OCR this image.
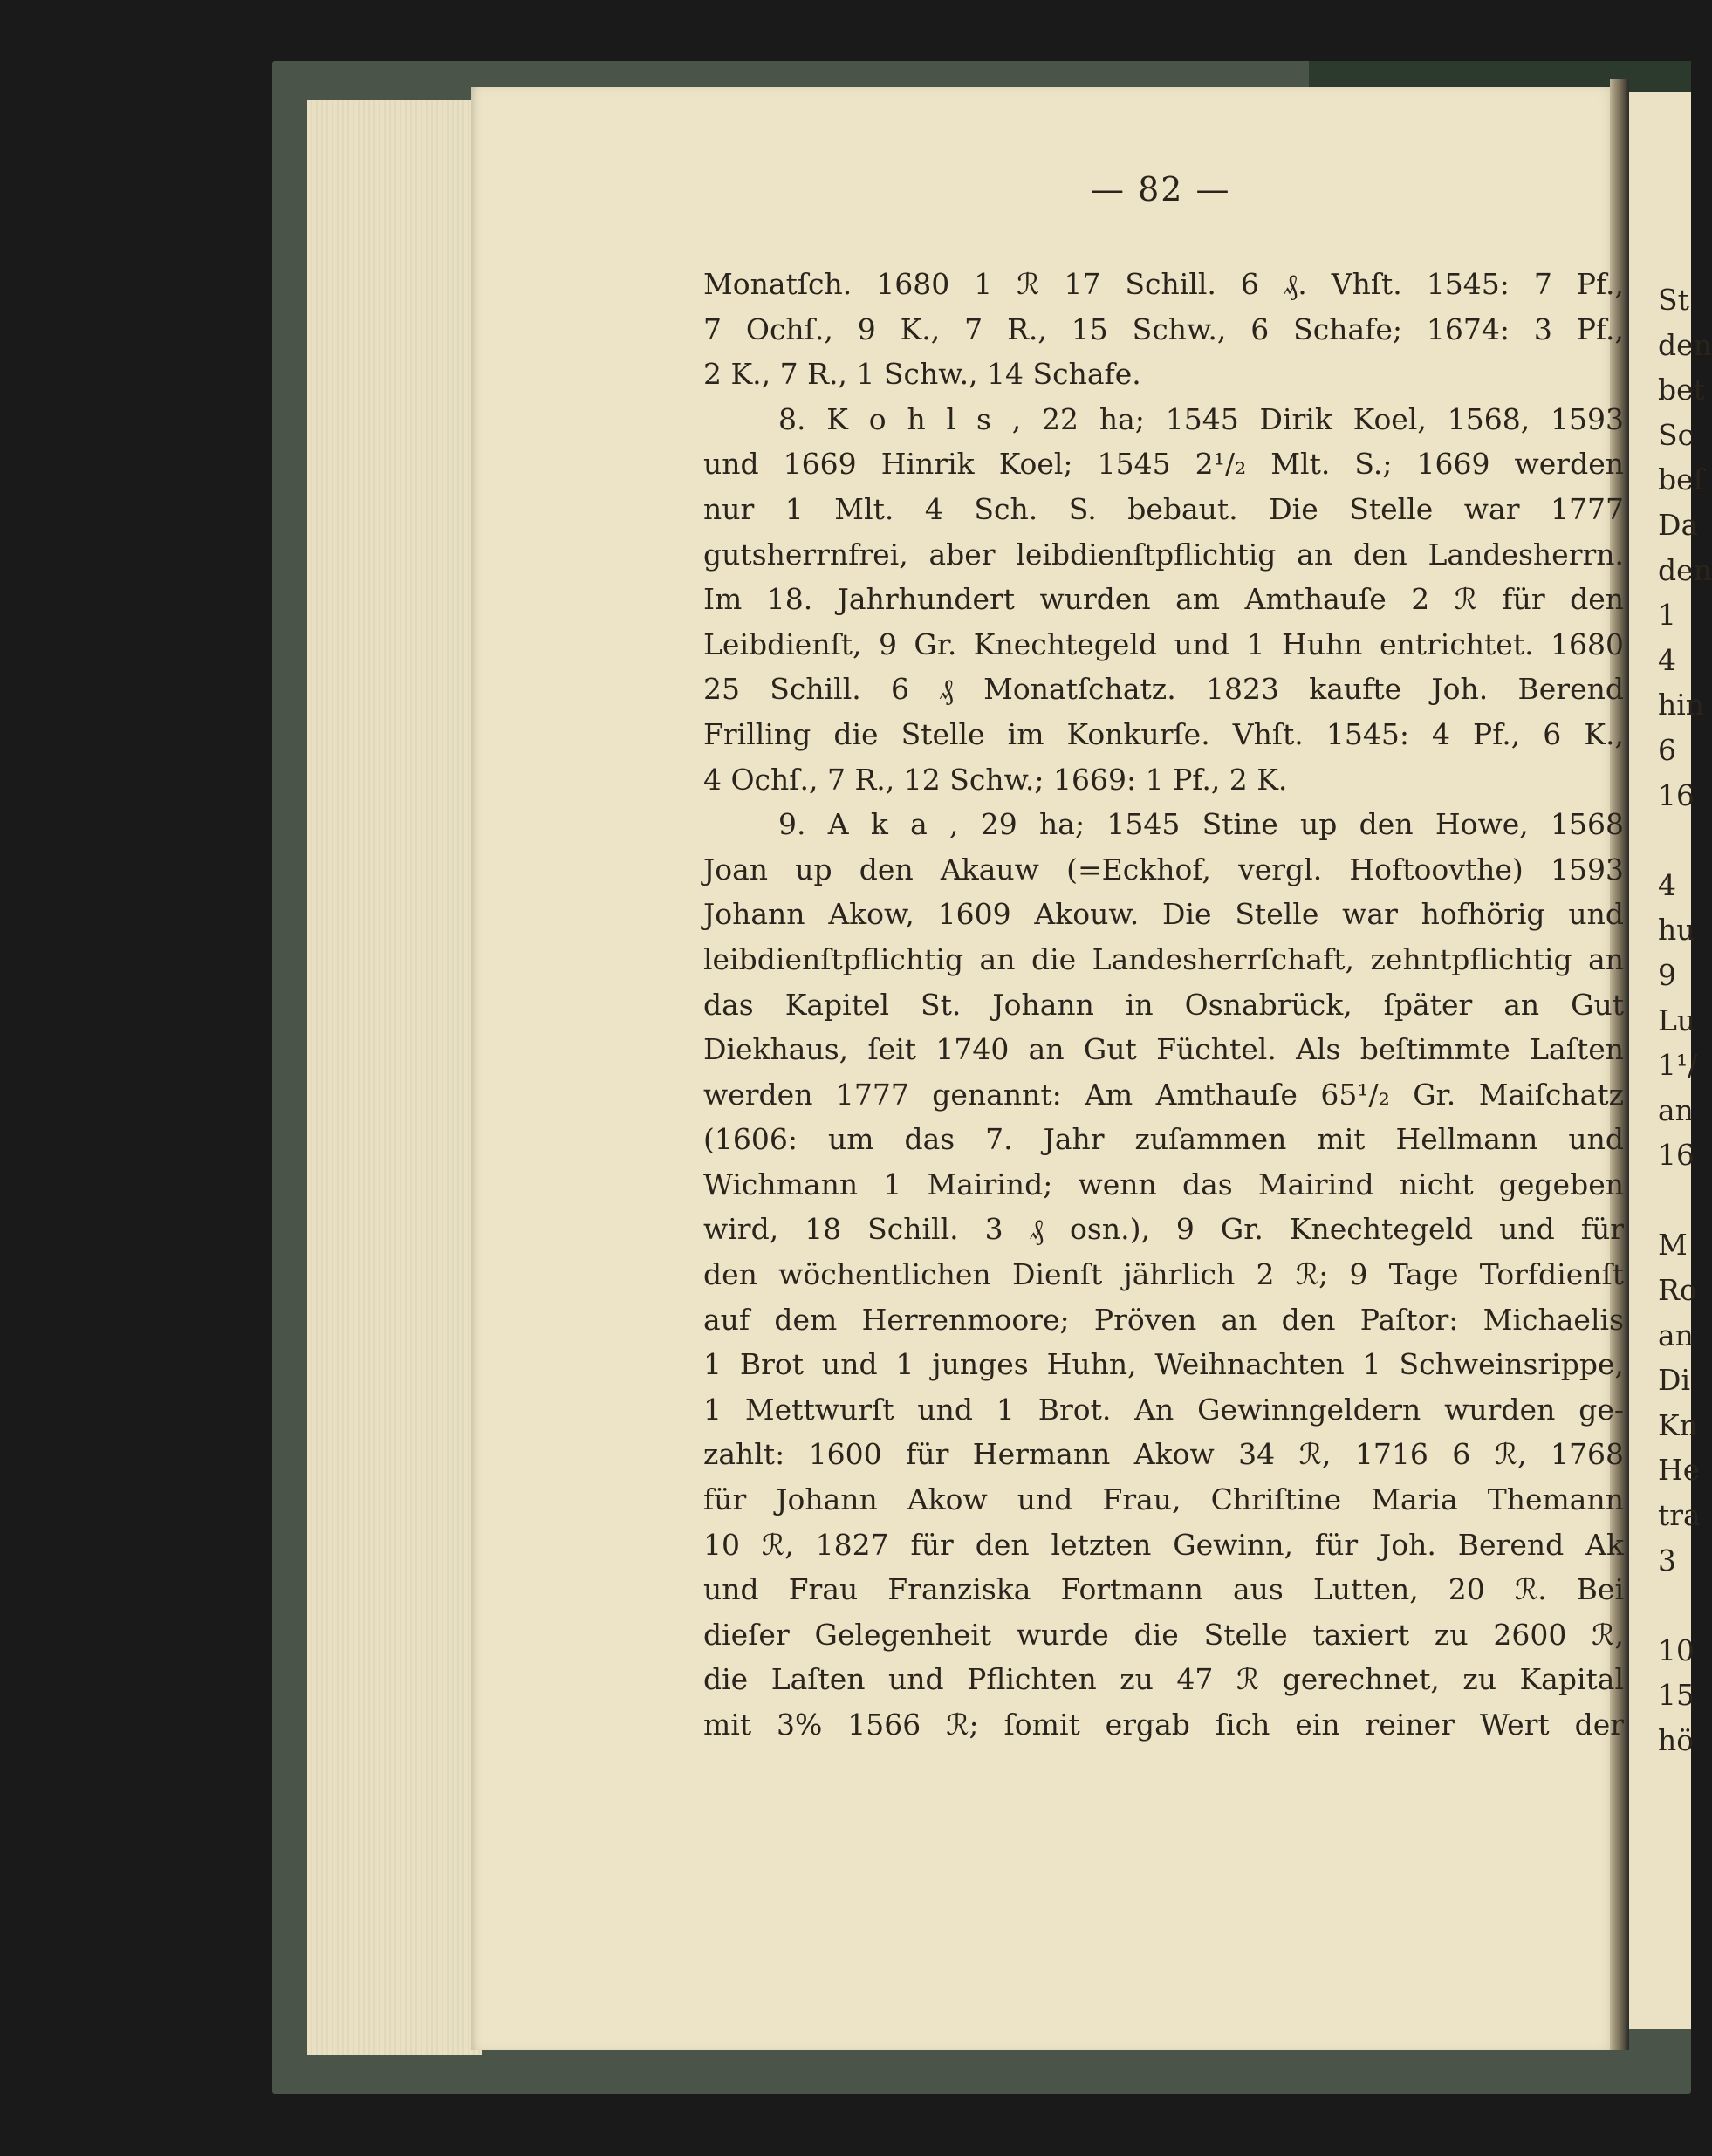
— 82 —
Monatſch. 1680 1 ℛ 17 Schill. 6 ₰. Vhſt. 1545: 7 Pf.,
7 Ochſ., 9 K., 7 R., 15 Schw., 6 Schafe; 1674: 3 Pf.,
2 K., 7 R., 1 Schw., 14 Schafe.
8. K o h l s , 22 ha; 1545 Dirik Koel, 1568, 1593
und 1669 Hinrik Koel; 1545 2¹/₂ Mlt. S.; 1669 werden
nur 1 Mlt. 4 Sch. S. bebaut. Die Stelle war 1777
gutsherrnfrei, aber leibdienſtpflichtig an den Landesherrn.
Im 18. Jahrhundert wurden am Amthauſe 2 ℛ für den
Leibdienſt, 9 Gr. Knechtegeld und 1 Huhn entrichtet. 1680
25 Schill. 6 ₰ Monatſchatz. 1823 kaufte Joh. Berend
Frilling die Stelle im Konkurſe. Vhſt. 1545: 4 Pf., 6 K.,
4 Ochſ., 7 R., 12 Schw.; 1669: 1 Pf., 2 K.
9. A k a , 29 ha; 1545 Stine up den Howe, 1568
Joan up den Akauw (=Eckhof, vergl. Hoftoovthe) 1593
Johann Akow, 1609 Akouw. Die Stelle war hofhörig und
leibdienſtpflichtig an die Landesherrſchaft, zehntpflichtig an
das Kapitel St. Johann in Osnabrück, ſpäter an Gut
Diekhaus, ſeit 1740 an Gut Füchtel. Als beſtimmte Laſten
werden 1777 genannt: Am Amthauſe 65¹/₂ Gr. Maiſchatz
(1606: um das 7. Jahr zuſammen mit Hellmann und
Wichmann 1 Mairind; wenn das Mairind nicht gegeben
wird, 18 Schill. 3 ₰ osn.), 9 Gr. Knechtegeld und für
den wöchentlichen Dienſt jährlich 2 ℛ; 9 Tage Torfdienſt
auf dem Herrenmoore; Pröven an den Paſtor: Michaelis
1 Brot und 1 junges Huhn, Weihnachten 1 Schweinsrippe,
1 Mettwurſt und 1 Brot. An Gewinngeldern wurden ge-
zahlt: 1600 für Hermann Akow 34 ℛ, 1716 6 ℛ, 1768
für Johann Akow und Frau, Chriſtine Maria Themann
10 ℛ, 1827 für den letzten Gewinn, für Joh. Berend Ak
und Frau Franziska Fortmann aus Lutten, 20 ℛ. Bei
dieſer Gelegenheit wurde die Stelle taxiert zu 2600 ℛ,
die Laſten und Pflichten zu 47 ℛ gerechnet, zu Kapital
mit 3% 1566 ℛ; ſomit ergab ſich ein reiner Wert der
St
den
bet
Sc
beſ
Da
den
1
4
hin
6
16
4
hu
9
Lu
1¹/
an
16
M
Ro
an
Di
Kn
He
tra
3
10
15
hö
